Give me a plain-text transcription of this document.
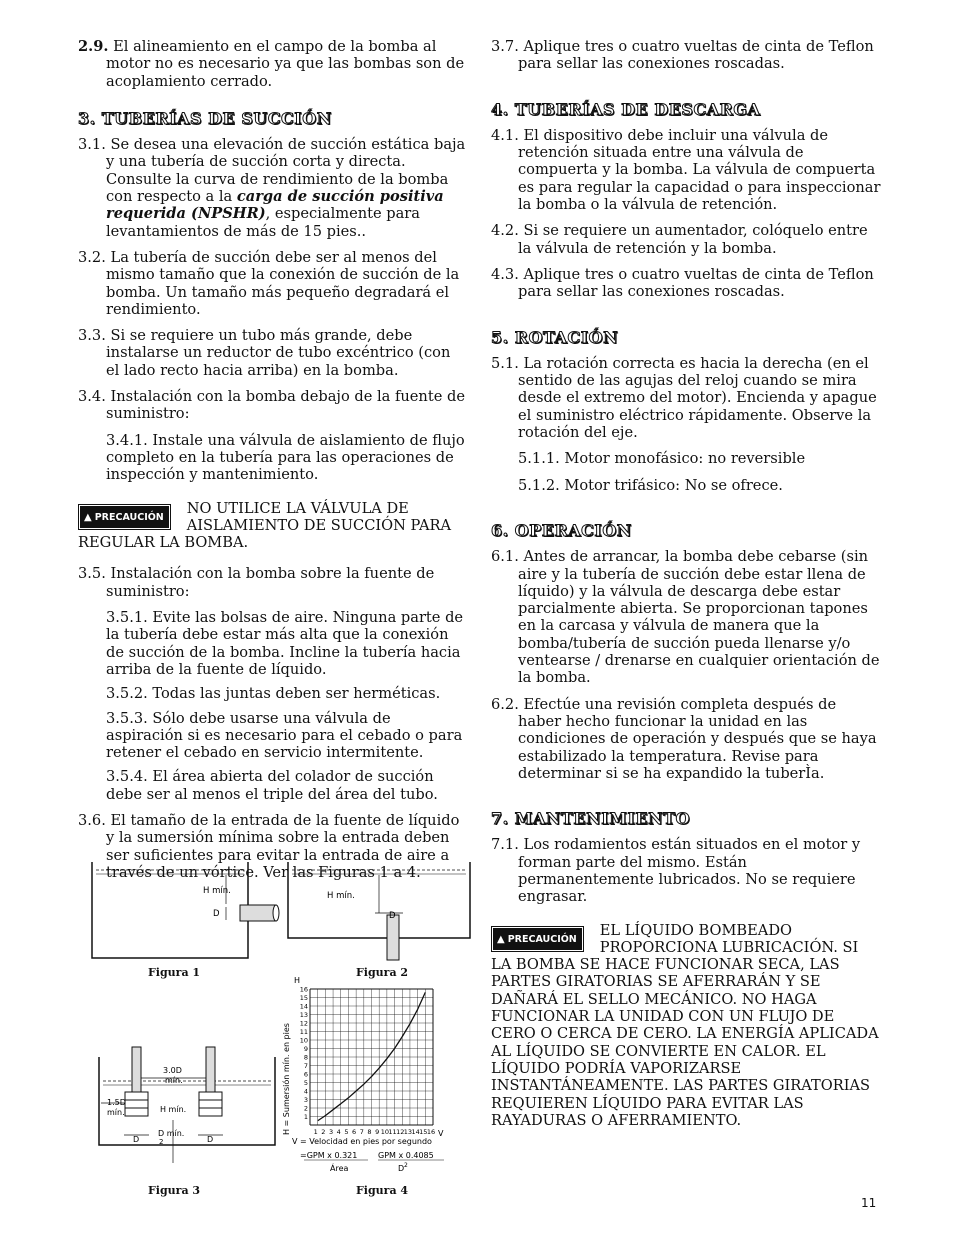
2.9. El alineamiento en el campo de la bomba al motor no es necesario ya que las bombas son de acoplamiento cerrado.

3. TUBERÍAS DE SUCCIÓN

3.1. Se desea una elevación de succión estática baja y una tubería de succión corta y directa. Consulte la curva de rendimiento de la bomba con respecto a la carga de succión positiva requerida (NPSHR), especialmente para levantamientos de más de 15 pies..

3.2. La tubería de succión debe ser al menos del mismo tamaño que la conexión de succión de la bomba. Un tamaño más pequeño degradará el rendimiento.

3.3. Si se requiere un tubo más grande, debe instalarse un reductor de tubo excéntrico (con el lado recto hacia arriba) en la bomba.

3.4. Instalación con la bomba debajo de la fuente de suministro:

3.4.1. Instale una válvula de aislamiento de flujo completo en la tubería para las operaciones de inspección y mantenimiento.

▲ PRECAUCIÓN
NO UTILICE LA VÁLVULA DE AISLAMIENTO DE SUCCIÓN PARA REGULAR LA BOMBA.

3.5. Instalación con la bomba sobre la fuente de suministro:

3.5.1. Evite las bolsas de aire. Ninguna parte de la tubería debe estar más alta que la conexión de succión de la bomba. Incline la tubería hacia arriba de la fuente de líquido.

3.5.2. Todas las juntas deben ser herméticas.

3.5.3. Sólo debe usarse una válvula de aspiración si es necesario para el cebado o para retener el cebado en servicio intermitente.

3.5.4. El área abierta del colador de succión debe ser al menos el triple del área del tubo.

3.6. El tamaño de la entrada de la fuente de líquido y la sumersión mínima sobre la entrada deben ser suficientes para evitar la entrada de aire a través de un vórtice. Ver las Figuras 1 a 4.

3.7. Aplique tres o cuatro vueltas de cinta de Teflon para sellar las conexiones roscadas.

4. TUBERÍAS DE DESCARGA

4.1. El dispositivo debe incluir una válvula de retención situada entre una válvula de compuerta y la bomba. La válvula de compuerta es para regular la capacidad o para inspeccionar la bomba o la válvula de retención.

4.2. Si se requiere un aumentador, colóquelo entre la válvula de retención y la bomba.

4.3. Aplique tres o cuatro vueltas de cinta de Teflon para sellar las conexiones roscadas.

5. ROTACIÓN

5.1. La rotación correcta es hacia la derecha (en el sentido de las agujas del reloj cuando se mira desde el extremo del motor). Encienda y apague el suministro eléctrico rápidamente. Observe la rotación del eje.

5.1.1. Motor monofásico: no reversible

5.1.2. Motor trifásico: No se ofrece.

6. OPERACIÓN

6.1. Antes de arrancar, la bomba debe cebarse (sin aire y la tubería de succión debe estar llena de líquido) y la válvula de descarga debe estar parcialmente abierta. Se proporcionan tapones en la carcasa y válvula de manera que la bomba/tubería de succión pueda llenarse y/o ventearse / drenarse en cualquier orientación de la bomba.

6.2. Efectúe una revisión completa después de haber hecho funcionar la unidad en las condiciones de operación y después que se haya estabilizado la temperatura. Revise para determinar si se ha expandido la tuberÌa.

7. MANTENIMIENTO

7.1. Los rodamientos están situados en el motor y forman parte del mismo. Están permanentemente lubricados. No se requiere engrasar.

▲ PRECAUCIÓN
EL LÍQUIDO BOMBEADO PROPORCIONA LUBRICACIÓN. SI LA BOMBA SE HACE FUNCIONAR SECA, LAS PARTES GIRATORIAS SE AFERRARÁN Y SE DAÑARÁ EL SELLO MECÁNICO. NO HAGA FUNCIONAR LA UNIDAD CON UN FLUJO DE CERO O CERCA DE CERO. LA ENERGÍA APLICADA AL LÍQUIDO SE CONVIERTE EN CALOR. EL LÍQUIDO PODRÍA VAPORIZARSE INSTANTÁNEAMENTE. LAS PARTES GIRATORIAS REQUIEREN LÍQUIDO PARA EVITAR LAS RAYADURAS O AFERRAMIENTO.
H mín.
D
Figura 1
H mín.
D
Figura 2
3.0D
mín.
1.5D
mín.	H mín.
D	D
D mín.
2
Figura 3
1
2
3
4
5
6
7
8
9
10
11
12
13
14
15
16
1 2 3 4 5 6 7 8 9 10 11 12 13 14 15 16
H
V
H = Sumersión mín. en pies
V = Velocidad en pies por segundo
=GPM x 0.321
Área
GPM x 0.4085
D 2
Figura 4
11
